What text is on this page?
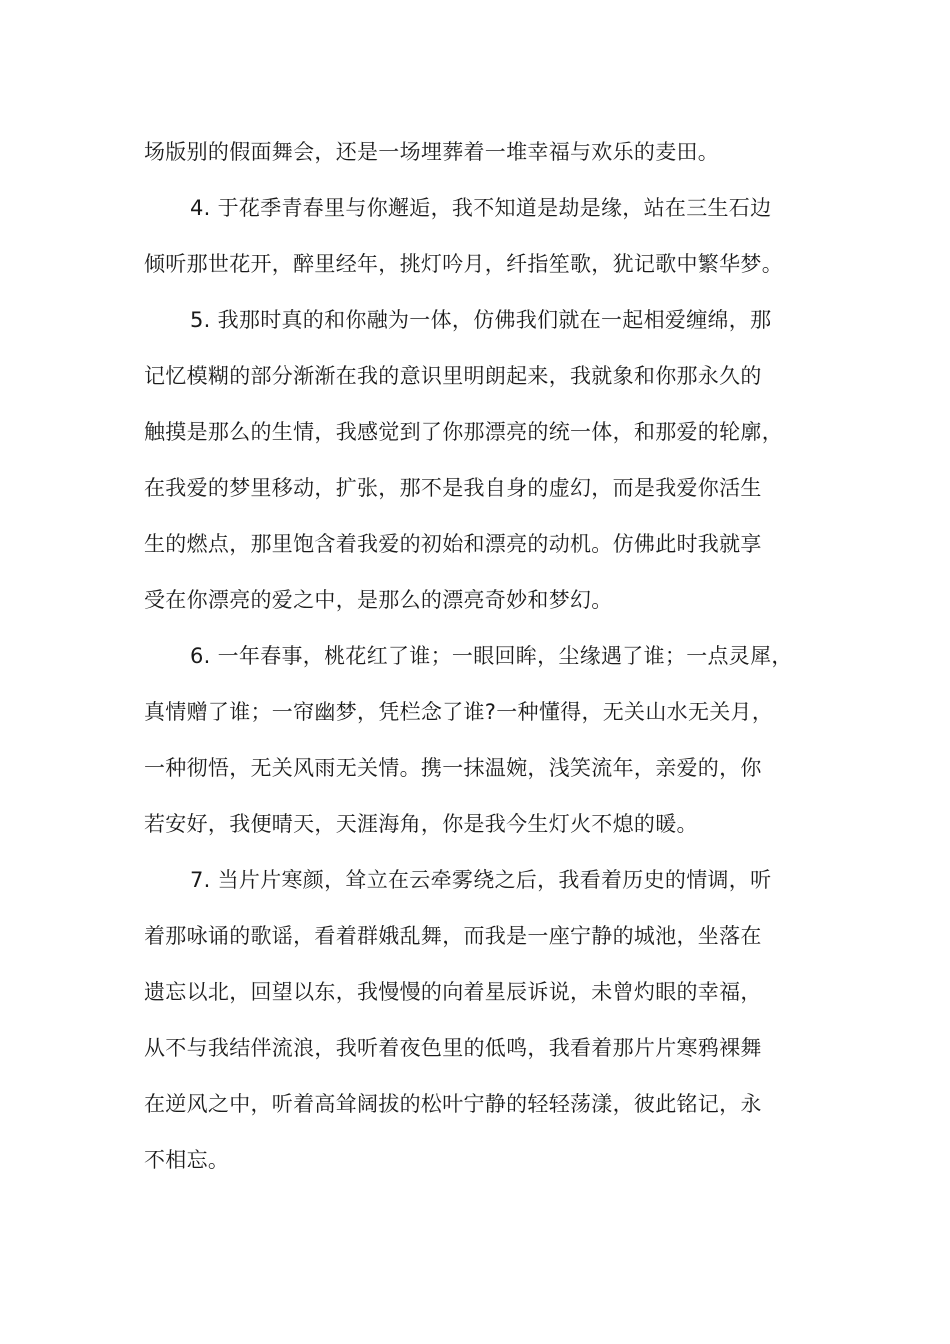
场版别的假面舞会，还是一场埋葬着一堆幸福与欢乐的麦田。
4. 于花季青春里与你邂逅，我不知道是劫是缘，站在三生石边
倾听那世花开，醉里经年，挑灯吟月，纤指笙歌，犹记歌中繁华梦。
5. 我那时真的和你融为一体，仿佛我们就在一起相爱缠绵，那
记忆模糊的部分渐渐在我的意识里明朗起来，我就象和你那永久的
触摸是那么的生情，我感觉到了你那漂亮的统一体，和那爱的轮廓，
在我爱的梦里移动，扩张，那不是我自身的虚幻，而是我爱你活生
生的燃点，那里饱含着我爱的初始和漂亮的动机。仿佛此时我就享
受在你漂亮的爱之中，是那么的漂亮奇妙和梦幻。
6. 一年春事，桃花红了谁；一眼回眸，尘缘遇了谁；一点灵犀，
真情赠了谁；一帘幽梦，凭栏念了谁?一种懂得，无关山水无关月，
一种彻悟，无关风雨无关情。携一抹温婉，浅笑流年，亲爱的，你
若安好，我便晴天，天涯海角，你是我今生灯火不熄的暖。
7. 当片片寒颜，耸立在云牵雾绕之后，我看着历史的情调，听
着那咏诵的歌谣，看着群娥乱舞，而我是一座宁静的城池，坐落在
遗忘以北，回望以东，我慢慢的向着星辰诉说，未曾灼眼的幸福，
从不与我结伴流浪，我听着夜色里的低鸣，我看着那片片寒鸦裸舞
在逆风之中，听着高耸阔拔的松叶宁静的轻轻荡漾，彼此铭记，永
不相忘。
